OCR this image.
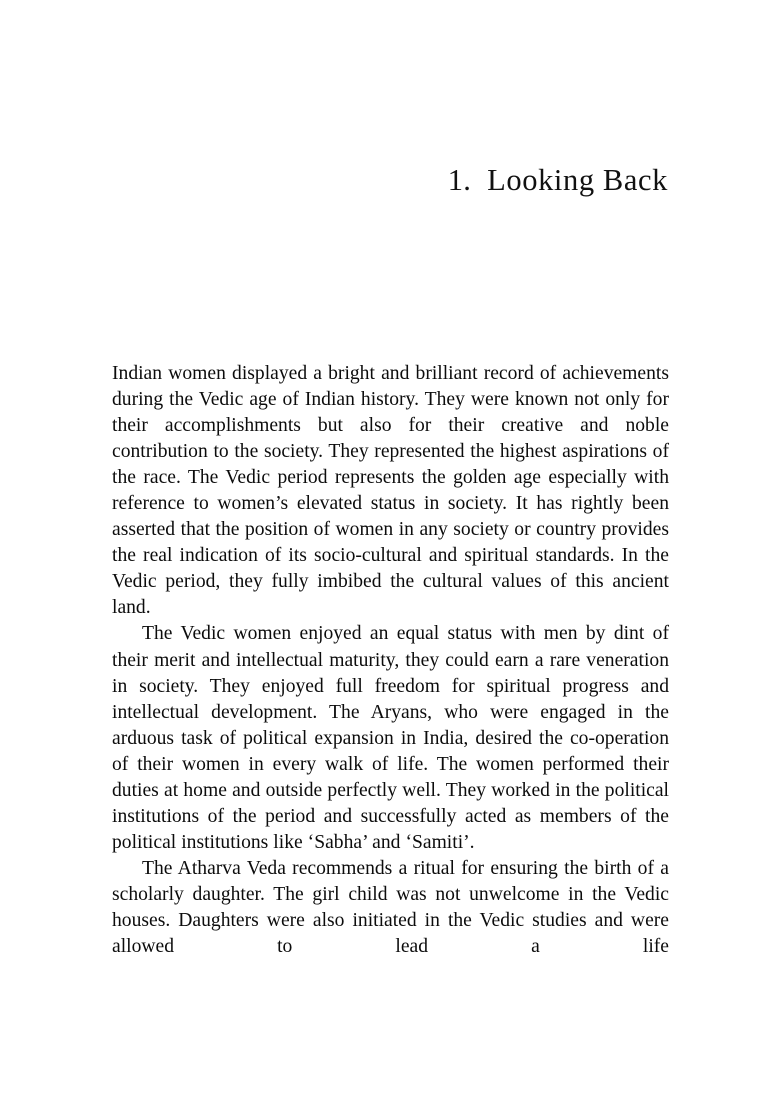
1. Looking Back

Indian women displayed a bright and brilliant record of achievements during the Vedic age of Indian history. They were known not only for their accomplishments but also for their creative and noble contribution to the society. They represented the highest aspirations of the race. The Vedic period represents the golden age especially with reference to women’s elevated status in society. It has rightly been asserted that the position of women in any society or country provides the real indication of its socio-cultural and spiritual standards. In the Vedic period, they fully imbibed the cultural values of this ancient land.

The Vedic women enjoyed an equal status with men by dint of their merit and intellectual maturity, they could earn a rare veneration in society. They enjoyed full freedom for spiritual progress and intellectual development. The Aryans, who were engaged in the arduous task of political expansion in India, desired the co-operation of their women in every walk of life. The women performed their duties at home and outside perfectly well. They worked in the political institutions of the period and successfully acted as members of the political institutions like ‘Sabha’ and ‘Samiti’.

The Atharva Veda recommends a ritual for ensuring the birth of a scholarly daughter. The girl child was not unwelcome in the Vedic houses. Daughters were also initiated in the Vedic studies and were allowed to lead a life
